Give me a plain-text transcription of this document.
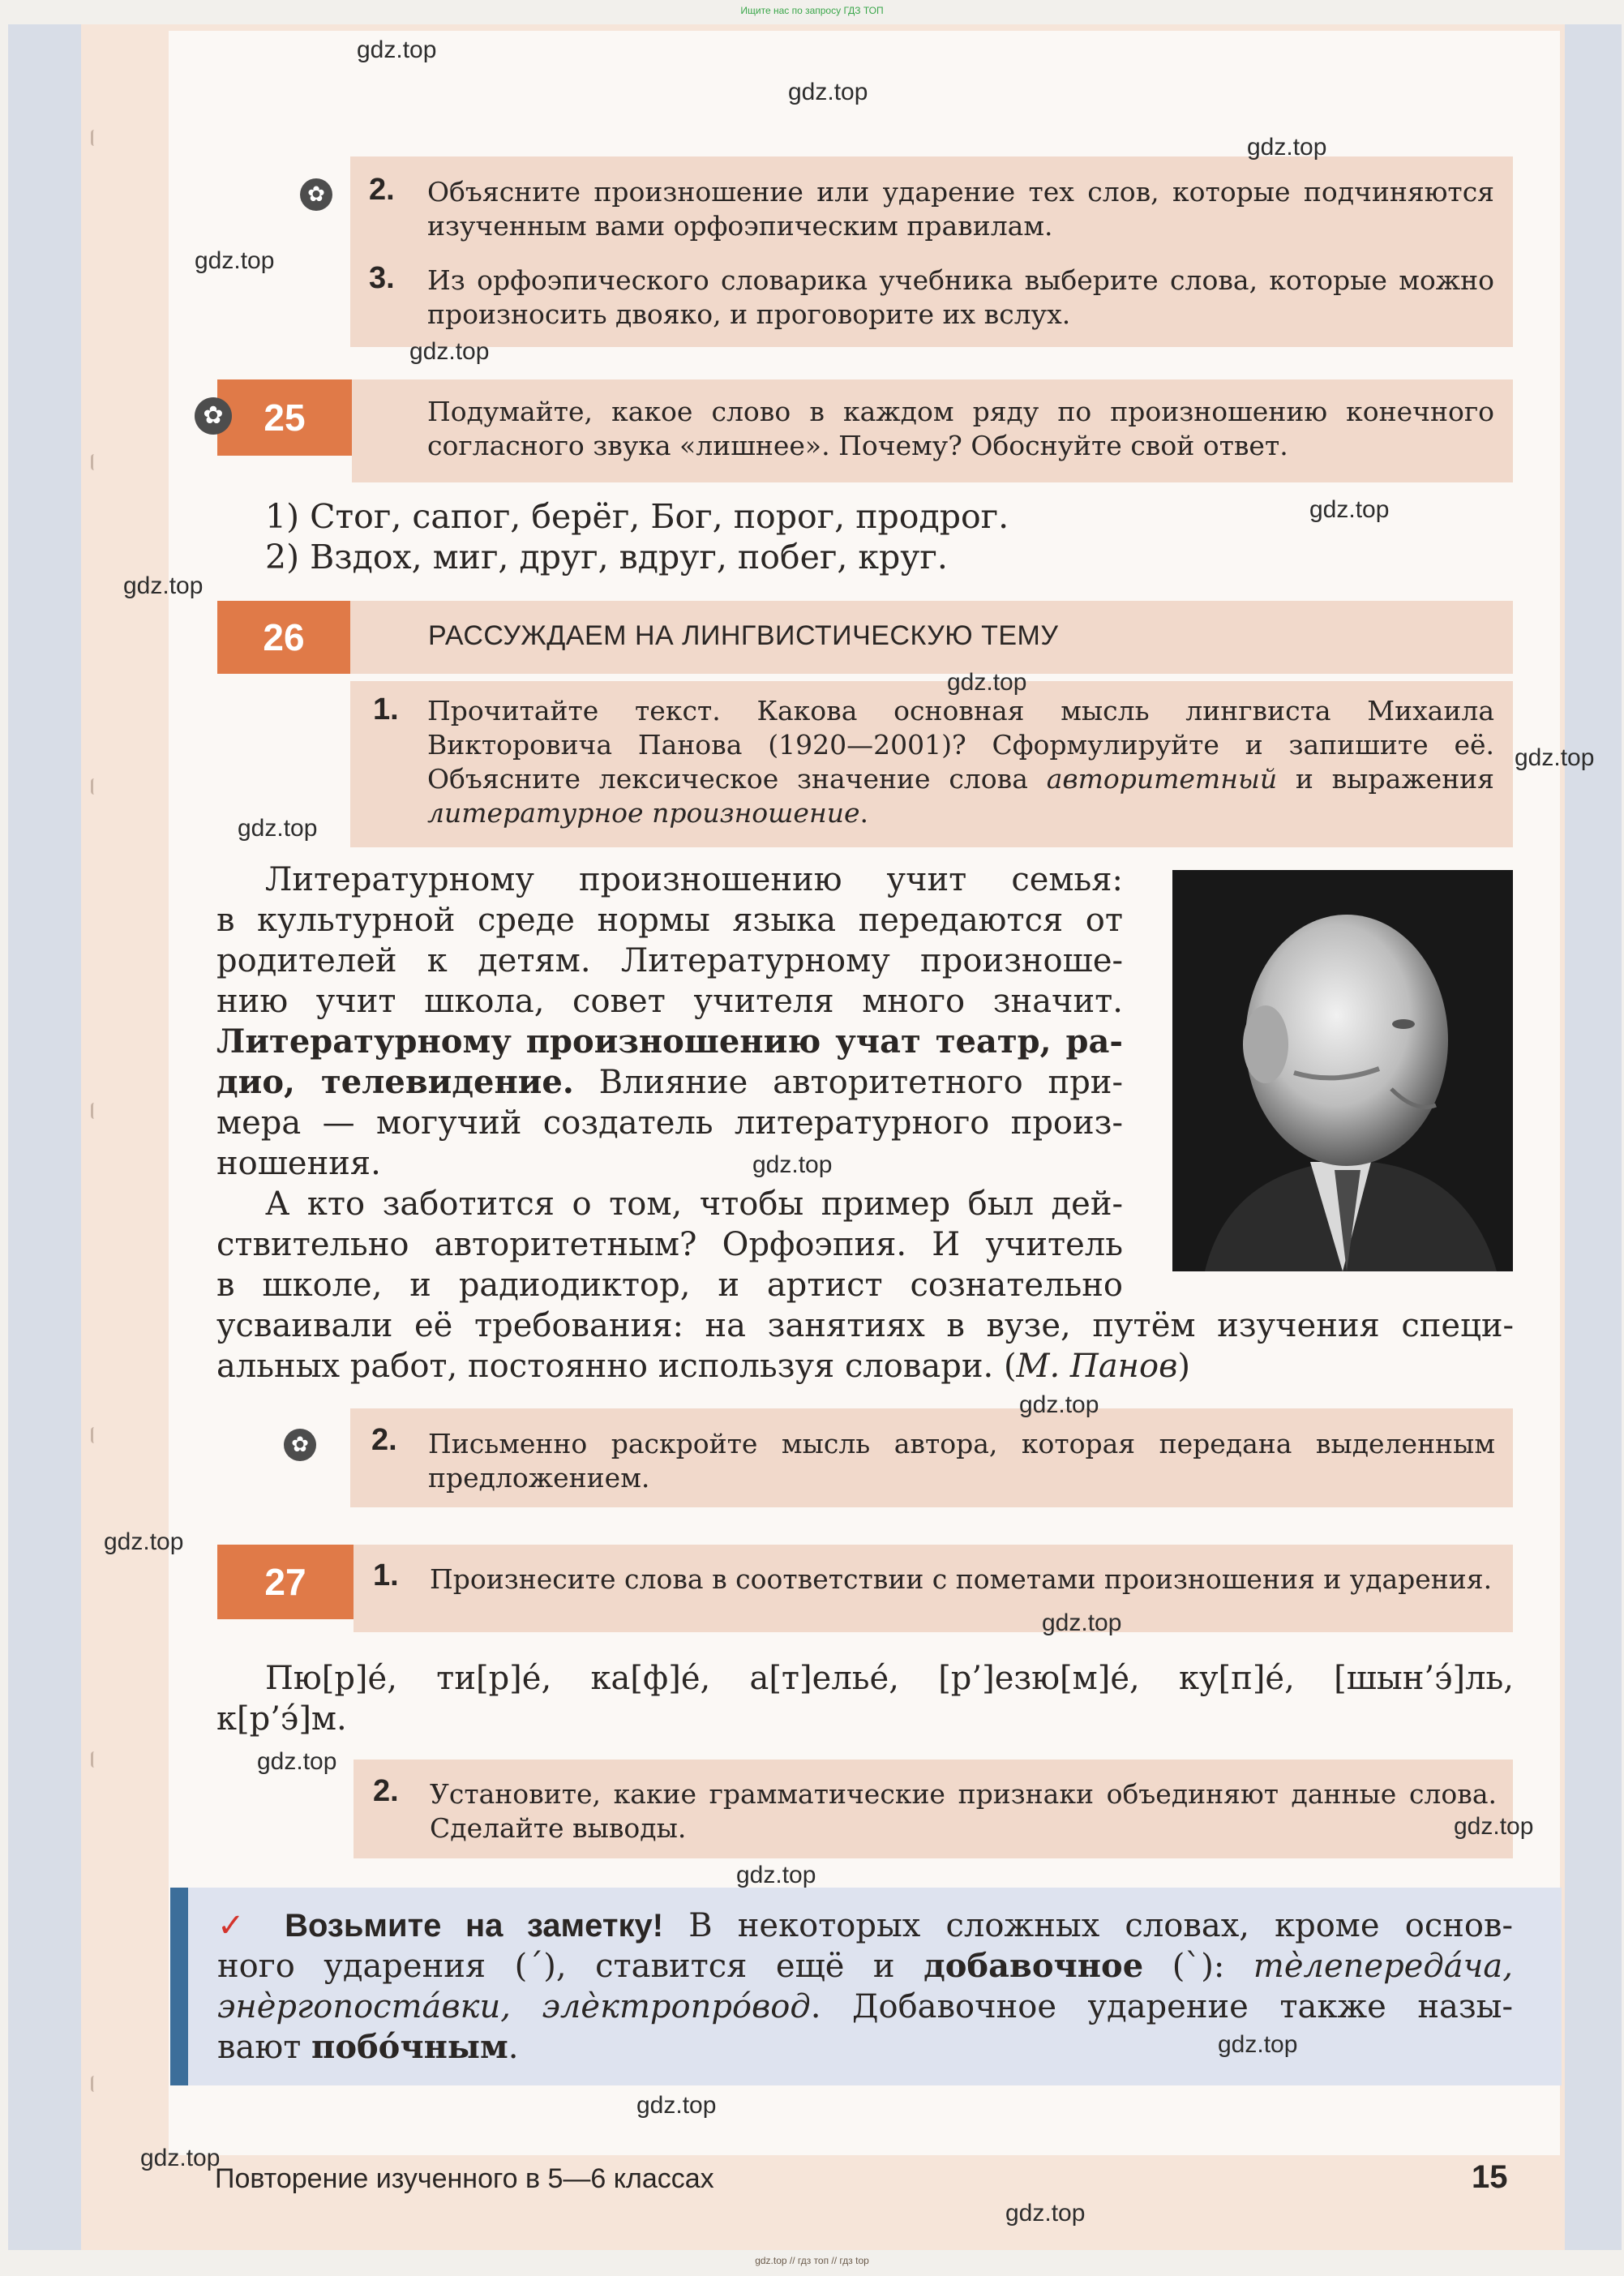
Ищите нас по запросу ГДЗ ТОП
✿ 2. Объясните произношение или ударение тех слов, которые подчиняются изученным вами орфоэпическим правилам.
3. Из орфоэпического словарика учебника выберите слова, которые можно произносить двояко, и проговорите их вслух.
25
✿	Подумайте, какое слово в каждом ряду по произношению конечного согласного звука «лишнее». Почему? Обоснуйте свой ответ.
1) Стог, сапог, берёг, Бог, порог, продрог.
2) Вздох, миг, друг, вдруг, побег, круг.
26	РАССУЖДАЕМ НА ЛИНГВИСТИЧЕСКУЮ ТЕМУ
1. Прочитайте текст. Какова основная мысль лингвиста Михаила Викторовича Панова (1920—2001)? Сформулируйте и запишите её. Объясните лексическое значение слова авторитетный и выражения литературное произношение.
Литературному произношению учит семья:
в культурной среде нормы языка передаются от
родителей к детям. Литературному произноше-
нию учит школа, совет учителя много значит.
Литературному произношению учат театр, ра-
дио, телевидение. Влияние авторитетного при-
мера — могучий создатель литературного произ-
ношения.
А кто заботится о том, чтобы пример был дей-
ствительно авторитетным? Орфоэпия. И учитель
в школе, и радиодиктор, и артист сознательно
усваивали её требования: на занятиях в вузе, путём изучения специ-
альных работ, постоянно используя словари. (М. Панов)
✿ 2. Письменно раскройте мысль автора, которая передана выделенным предложением.
27	1. Произнесите слова в соответствии с пометами произношения и ударения.
Пю[р]é, ти[р]é, ка[ф]é, а[т]ельé, [р’]езю[м]é, ку[п]é, [шын’э́]ль,
к[р’э́]м.
2. Установите, какие грамматические признаки объединяют данные слова. Сделайте выводы.
✓ Возьмите на заметку! В некоторых сложных словах, кроме основ-
ного ударения (´), ставится ещё и добавочное (`): тѐлепереда́ча,
энѐргопоста́вки, элѐктропро́вод. Добавочное ударение также назы-
вают побо́чным.
Повторение изученного в 5—6 классах	15
gdz.top
gdz.top
gdz.top
gdz.top
gdz.top
gdz.top
gdz.top
gdz.top
gdz.top
gdz.top
gdz.top
gdz.top
gdz.top
gdz.top
gdz.top
gdz.top
gdz.top
gdz.top
gdz.top
gdz.top
gdz.top
gdz.top // гдз топ // гдз top
